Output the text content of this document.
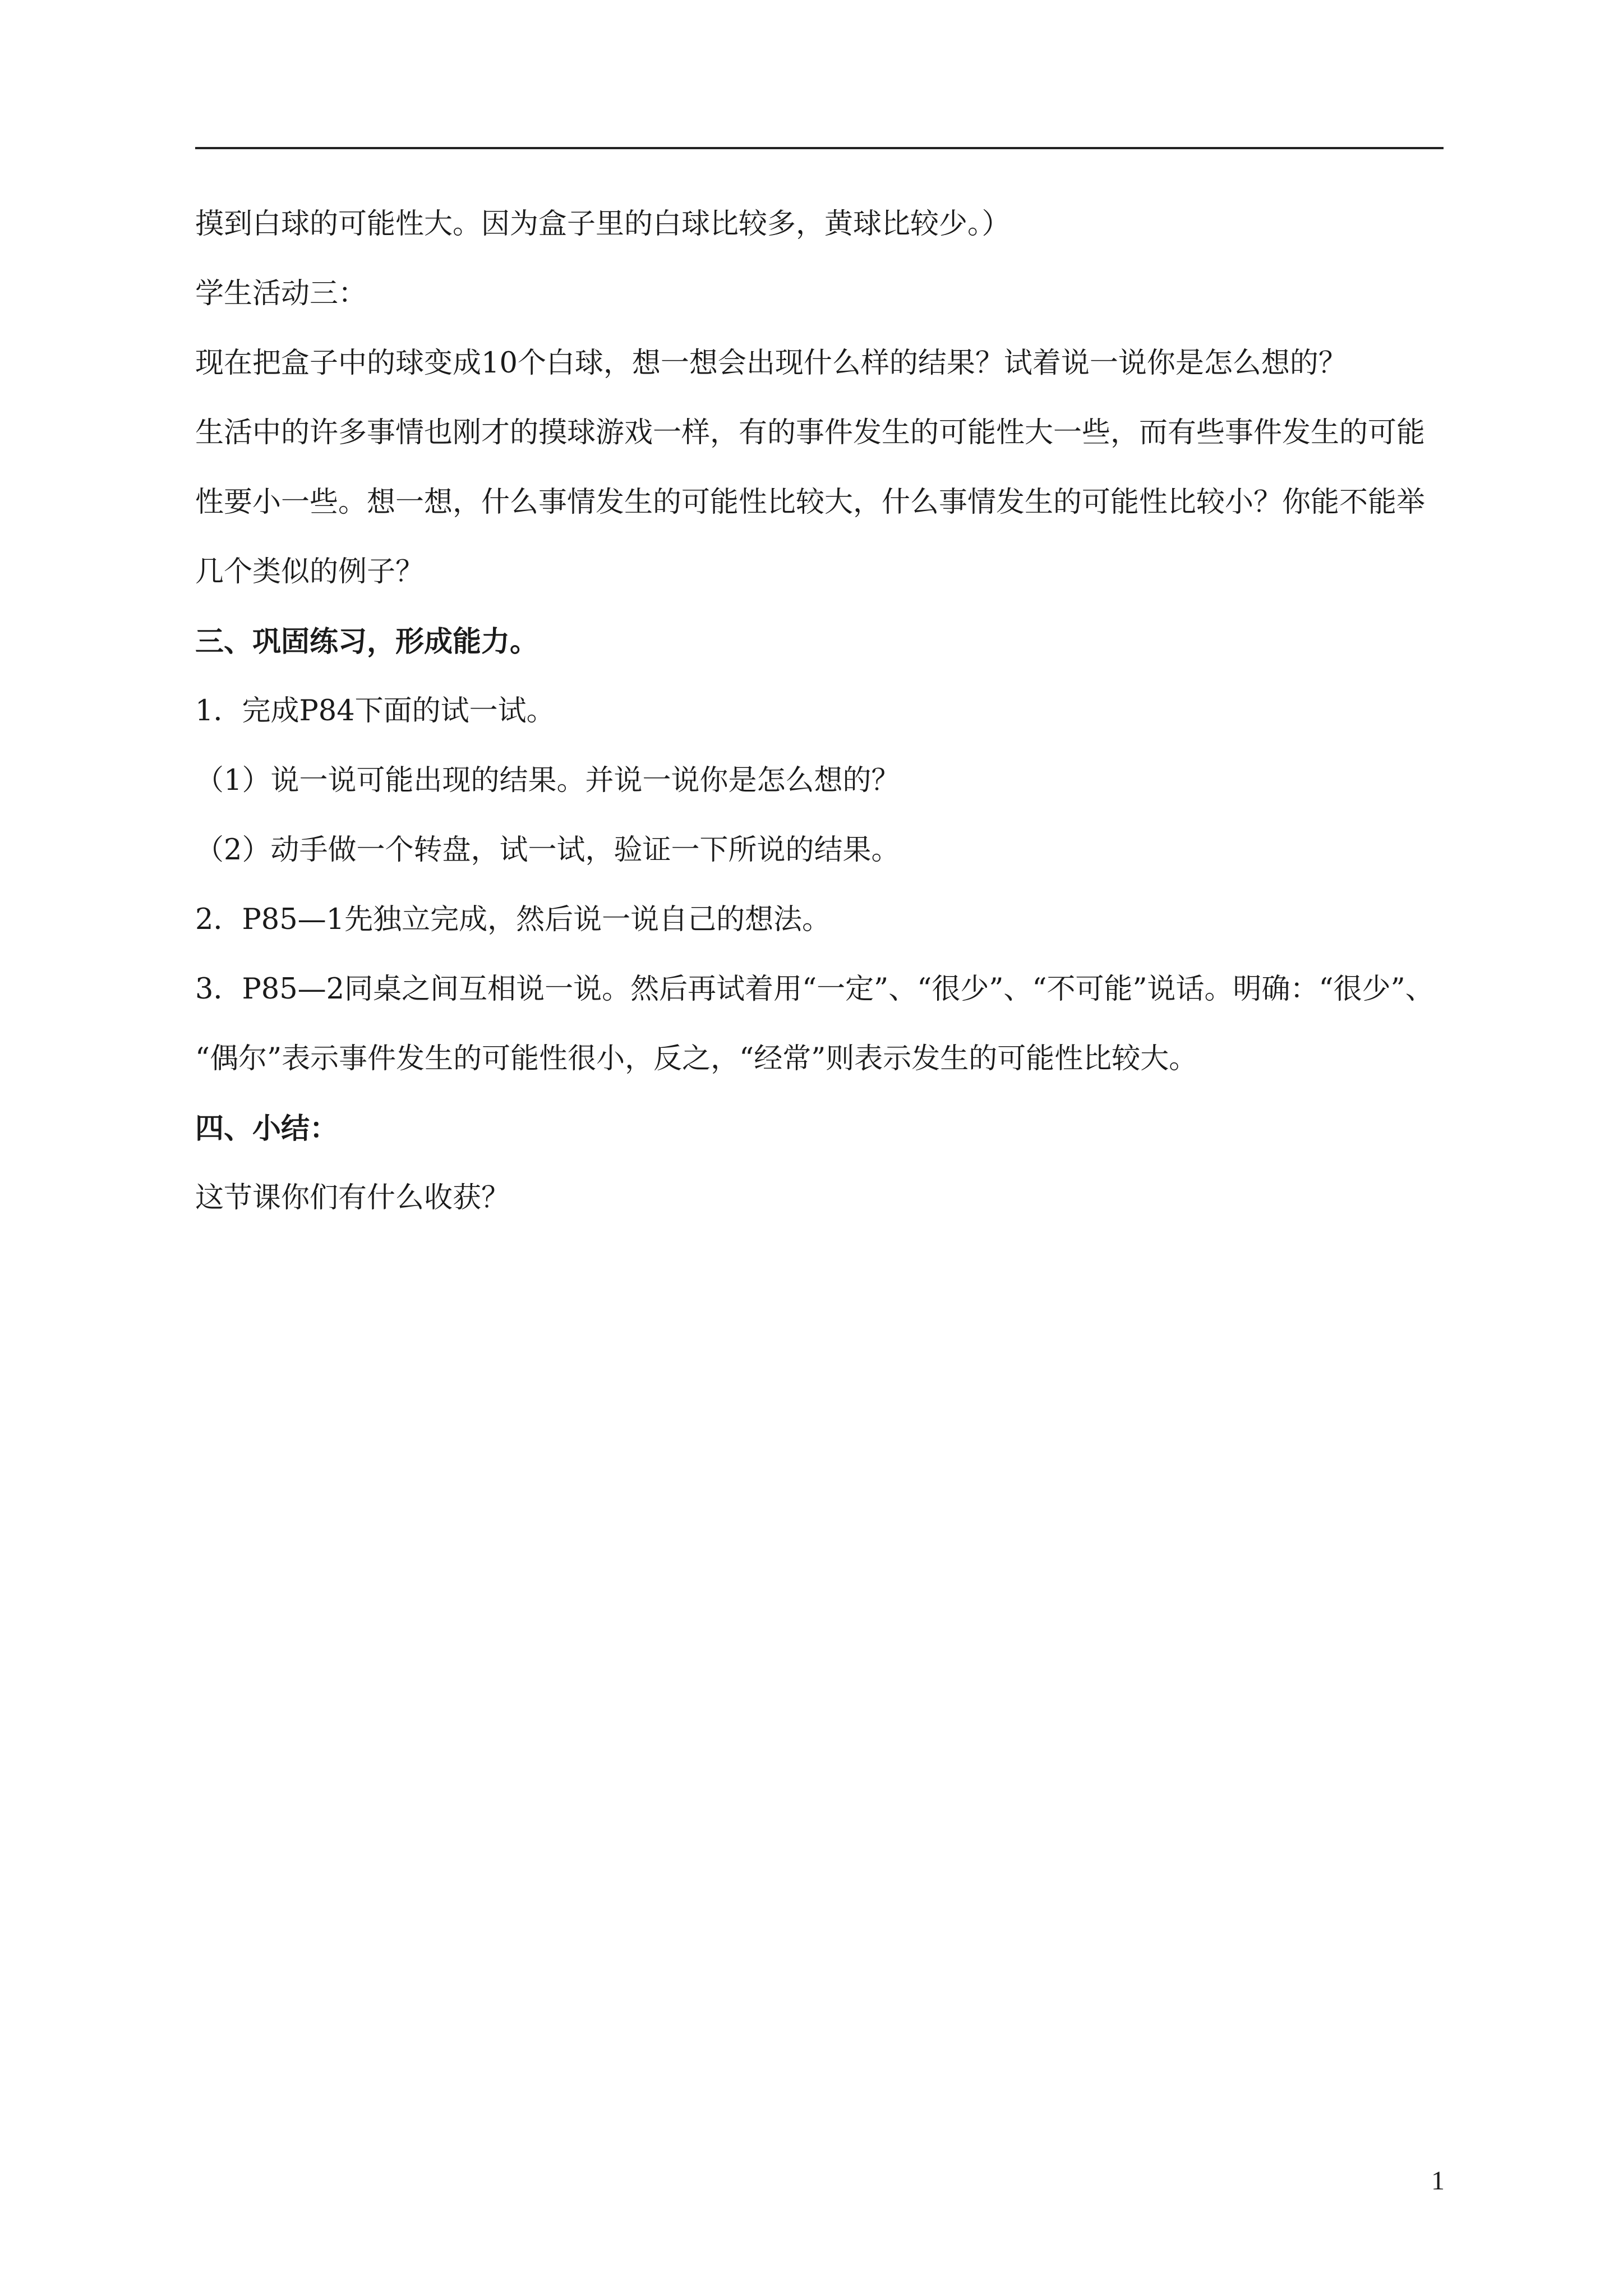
摸到白球的可能性大。因为盒子里的白球比较多，黄球比较少。）

学生活动三：

现在把盒子中的球变成10个白球，想一想会出现什么样的结果？试着说一说你是怎么想的？

生活中的许多事情也刚才的摸球游戏一样，有的事件发生的可能性大一些，而有些事件发生的可能

性要小一些。想一想，什么事情发生的可能性比较大，什么事情发生的可能性比较小？你能不能举

几个类似的例子？

三、巩固练习，形成能力。

1．完成P84下面的试一试。

（1）说一说可能出现的结果。并说一说你是怎么想的？

（2）动手做一个转盘，试一试，验证一下所说的结果。

2．P85—1先独立完成，然后说一说自己的想法。

3．P85—2同桌之间互相说一说。然后再试着用“一定”、“很少”、“不可能”说话。明确：“很少”、

“偶尔”表示事件发生的可能性很小，反之，“经常”则表示发生的可能性比较大。

四、小结：

这节课你们有什么收获？

1
